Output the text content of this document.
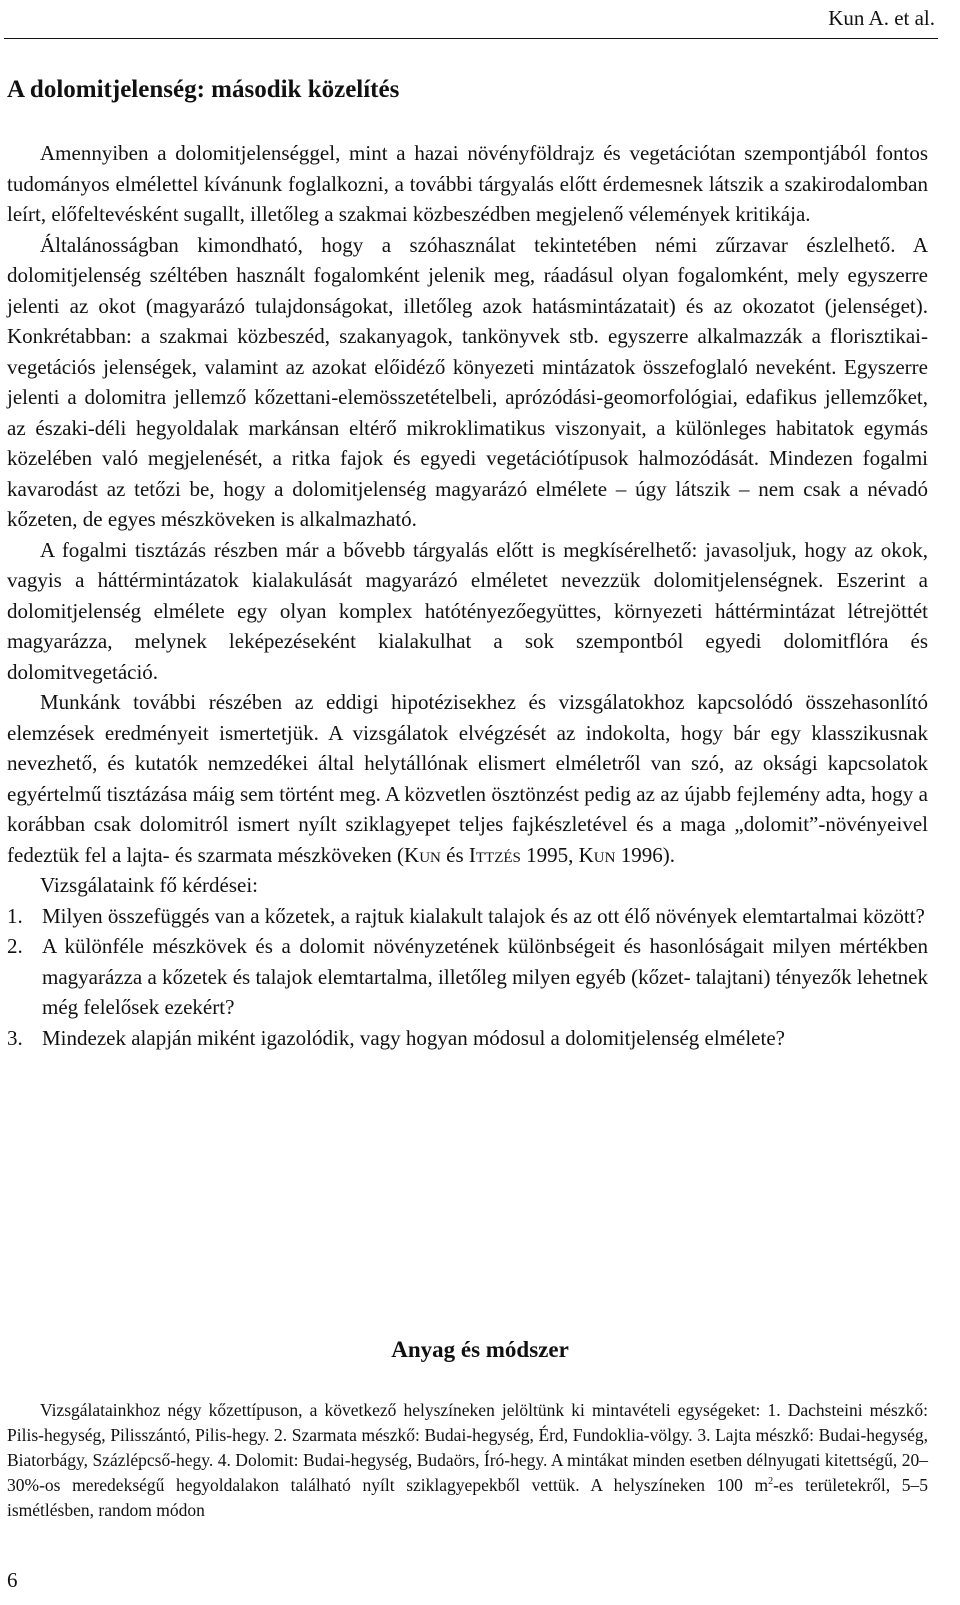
Kun A. et al.
A dolomitjelenség: második közelítés

Amennyiben a dolomitjelenséggel, mint a hazai növényföldrajz és vegetációtan szempontjából fontos tudományos elmélettel kívánunk foglalkozni, a további tárgyalás előtt érdemesnek látszik a szakirodalomban leírt, előfeltevésként sugallt, illetőleg a szakmai közbeszédben megjelenő vélemények kritikája.

Általánosságban kimondható, hogy a szóhasználat tekintetében némi zűrzavar észlelhető. A dolomitjelenség széltében használt fogalomként jelenik meg, ráadásul olyan fogalomként, mely egyszerre jelenti az okot (magyarázó tulajdonságokat, illetőleg azok hatásmintázatait) és az okozatot (jelenséget). Konkrétabban: a szakmai közbeszéd, szakanyagok, tankönyvek stb. egyszerre alkalmazzák a florisztikai-vegetációs jelenségek, valamint az azokat előidéző könyezeti mintázatok összefoglaló neveként. Egyszerre jelenti a dolomitra jellemző kőzettani-elemösszetételbeli, aprózódási-geomorfológiai, edafikus jellemzőket, az északi-déli hegyoldalak markánsan eltérő mikroklimatikus viszonyait, a különleges habitatok egymás közelében való megjelenését, a ritka fajok és egyedi vegetációtípusok halmozódását. Mindezen fogalmi kavarodást az tetőzi be, hogy a dolomitjelenség magyarázó elmélete – úgy látszik – nem csak a névadó kőzeten, de egyes mészköveken is alkalmazható.

A fogalmi tisztázás részben már a bővebb tárgyalás előtt is megkísérelhető: javasoljuk, hogy az okok, vagyis a háttérmintázatok kialakulását magyarázó elméletet nevezzük dolomitjelenségnek. Eszerint a dolomitjelenség elmélete egy olyan komplex hatótényezőegyüttes, környezeti háttérmintázat létrejöttét magyarázza, melynek leképezéseként kialakulhat a sok szempontból egyedi dolomitflóra és dolomitvegetáció.

Munkánk további részében az eddigi hipotézisekhez és vizsgálatokhoz kapcsolódó összehasonlító elemzések eredményeit ismertetjük. A vizsgálatok elvégzését az indokolta, hogy bár egy klasszikusnak nevezhető, és kutatók nemzedékei által helytállónak elismert elméletről van szó, az oksági kapcsolatok egyértelmű tisztázása máig sem történt meg. A közvetlen ösztönzést pedig az az újabb fejlemény adta, hogy a korábban csak dolomitról ismert nyílt sziklagyepet teljes fajkészletével és a maga „dolomit”-növényeivel fedeztük fel a lajta- és szarmata mészköveken (Kun és Ittzés 1995, Kun 1996).

Vizsgálataink fő kérdései:

1. Milyen összefüggés van a kőzetek, a rajtuk kialakult talajok és az ott élő növények elemtartalmai között?
2. A különféle mészkövek és a dolomit növényzetének különbségeit és hasonlóságait milyen mértékben magyarázza a kőzetek és talajok elemtartalma, illetőleg milyen egyéb (kőzet- talajtani) tényezők lehetnek még felelősek ezekért?
3. Mindezek alapján miként igazolódik, vagy hogyan módosul a dolomitjelenség elmélete?
Anyag és módszer

Vizsgálatainkhoz négy kőzettípuson, a következő helyszíneken jelöltünk ki mintavételi egységeket: 1. Dachsteini mészkő: Pilis-hegység, Pilisszántó, Pilis-hegy. 2. Szarmata mészkő: Budai-hegység, Érd, Fundoklia-völgy. 3. Lajta mészkő: Budai-hegység, Biatorbágy, Százlépcső-hegy. 4. Dolomit: Budai-hegység, Budaörs, Író-hegy. A mintákat minden esetben délnyugati kitettségű, 20–30%-os meredekségű hegyoldalakon található nyílt sziklagyepekből vettük. A helyszíneken 100 $m^2-es$ területekről, 5–5 ismétlésben, random módon

6
